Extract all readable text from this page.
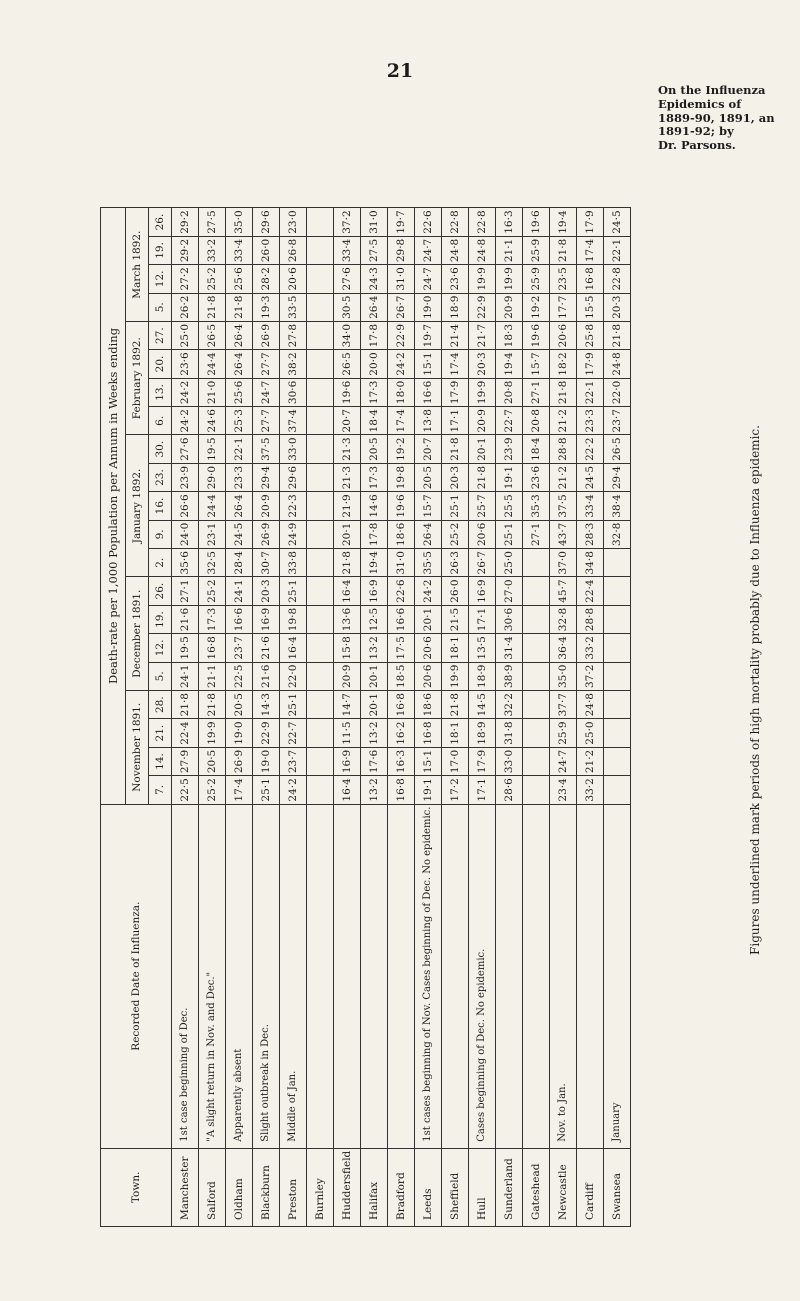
21
On the Influenza
Epidemics of
1889-90, 1891, an
1891-92; by
Dr. Parsons.
Figures underlined mark periods of high mortality probably due to Influenza epidemic.
Town.	Recorded Date of Influenza.	Death-rate per 1,000 Population per Annum in Weeks ending																				
		November 1891.				December 1891.				January 1892.					February 1892.				March 1892.			
		7.	14.	21.	28.	5.	12.	19.	26.	2.	9.	16.	23.	30.	6.	13.	20.	27.	5.	12.	19.	26.
Manchester	1st case beginning of Dec.	22·5	27·9	22·4	21·8	24·1	19·5	21·6	27·1	35·6	24·0	26·6	23·9	27·6	24·2	24·2	23·6	25·0	26·2	27·2	29·2	29·2
Salford	"A slight return in Nov. and Dec."	25·2	20·5	19·9	21·8	21·1	16·8	17·3	25·2	32·5	23·1	24·4	29·0	19·5	24·6	21·0	24·4	26·5	21·8	25·2	33·2	27·5
Oldham	Apparently absent	17·4	26·9	19·0	20·5	22·5	23·7	16·6	24·1	28·4	24·5	26·4	23·3	22·1	25·3	25·6	26·4	26·4	21·8	25·6	33·4	35·0
Blackburn	Slight outbreak in Dec.	25·1	19·0	22·9	14·3	21·6	21·6	16·9	20·3	30·7	26·9	20·9	29·4	37·5	27·7	24·7	27·7	26·9	19·3	28·2	26·0	29·6
Preston	Middle of Jan.	24·2	23·7	22·7	25·1	22·0	16·4	19·8	25·1	33·8	24·9	22·3	29·6	33·0	37·4	30·6	38·2	27·8	33·5	20·6	26·8	23·0
Burnley																						
Huddersfield		16·4	16·9	11·5	14·7	20·9	15·8	13·6	16·4	21·8	20·1	21·9	21·3	21·3	20·7	19·6	26·5	34·0	30·5	27·6	33·4	37·2
Halifax		13·2	17·6	13·2	20·1	20·1	13·2	12·5	16·9	19·4	17·8	14·6	17·3	20·5	18·4	17·3	20·0	17·8	26·4	24·3	27·5	31·0
Bradford		16·8	16·3	16·2	16·8	18·5	17·5	16·6	22·6	31·0	18·6	19·6	19·8	19·2	17·4	18·0	24·2	22·9	26·7	31·0	29·8	19·7
Leeds	1st cases beginning of Nov. Cases beginning of Dec. No epidemic.	19·1	15·1	16·8	18·6	20·6	20·6	20·1	24·2	35·5	26·4	15·7	20·5	20·7	13·8	16·6	15·1	19·7	19·0	24·7	24·7	22·6
Sheffield		17·2	17·0	18·1	21·8	19·9	18·1	21·5	26·0	26·3	25·2	25·1	20·3	21·8	17·1	17·9	17·4	21·4	18·9	23·6	24·8	22·8
Hull	Cases beginning of Dec. No epidemic.	17·1	17·9	18·9	14·5	18·9	13·5	17·1	16·9	26·7	20·6	25·7	21·8	20·1	20·9	19·9	20·3	21·7	22·9	19·9	24·8	22·8
Sunderland		28·6	33·0	31·8	32·2	38·9	31·4	30·6	27·0	25·0	25·1	25·5	19·1	23·9	22·7	20·8	19·4	18·3	20·9	19·9	21·1	16·3
Gateshead											27·1	35·3	23·6	18·4	20·8	27·1	15·7	19·6	19·2	25·9	25·9	19·6
Newcastle	Nov. to Jan.	23·4	24·7	25·9	37·7	35·0	36·4	32·8	45·7	37·0	43·7	37·5	21·2	28·8	21·2	21·8	18·2	20·6	17·7	23·5	21·8	19·4
Cardiff		33·2	21·2	25·0	24·8	37·2	33·2	28·8	22·4	34·8	28·3	33·4	24·5	22·2	23·3	22·1	17·9	25·8	15·5	16·8	17·4	17·9
Swansea	January										32·8	38·4	29·4	26·5	23·7	22·0	24·8	21·8	20·3	22·8	22·1	24·5
